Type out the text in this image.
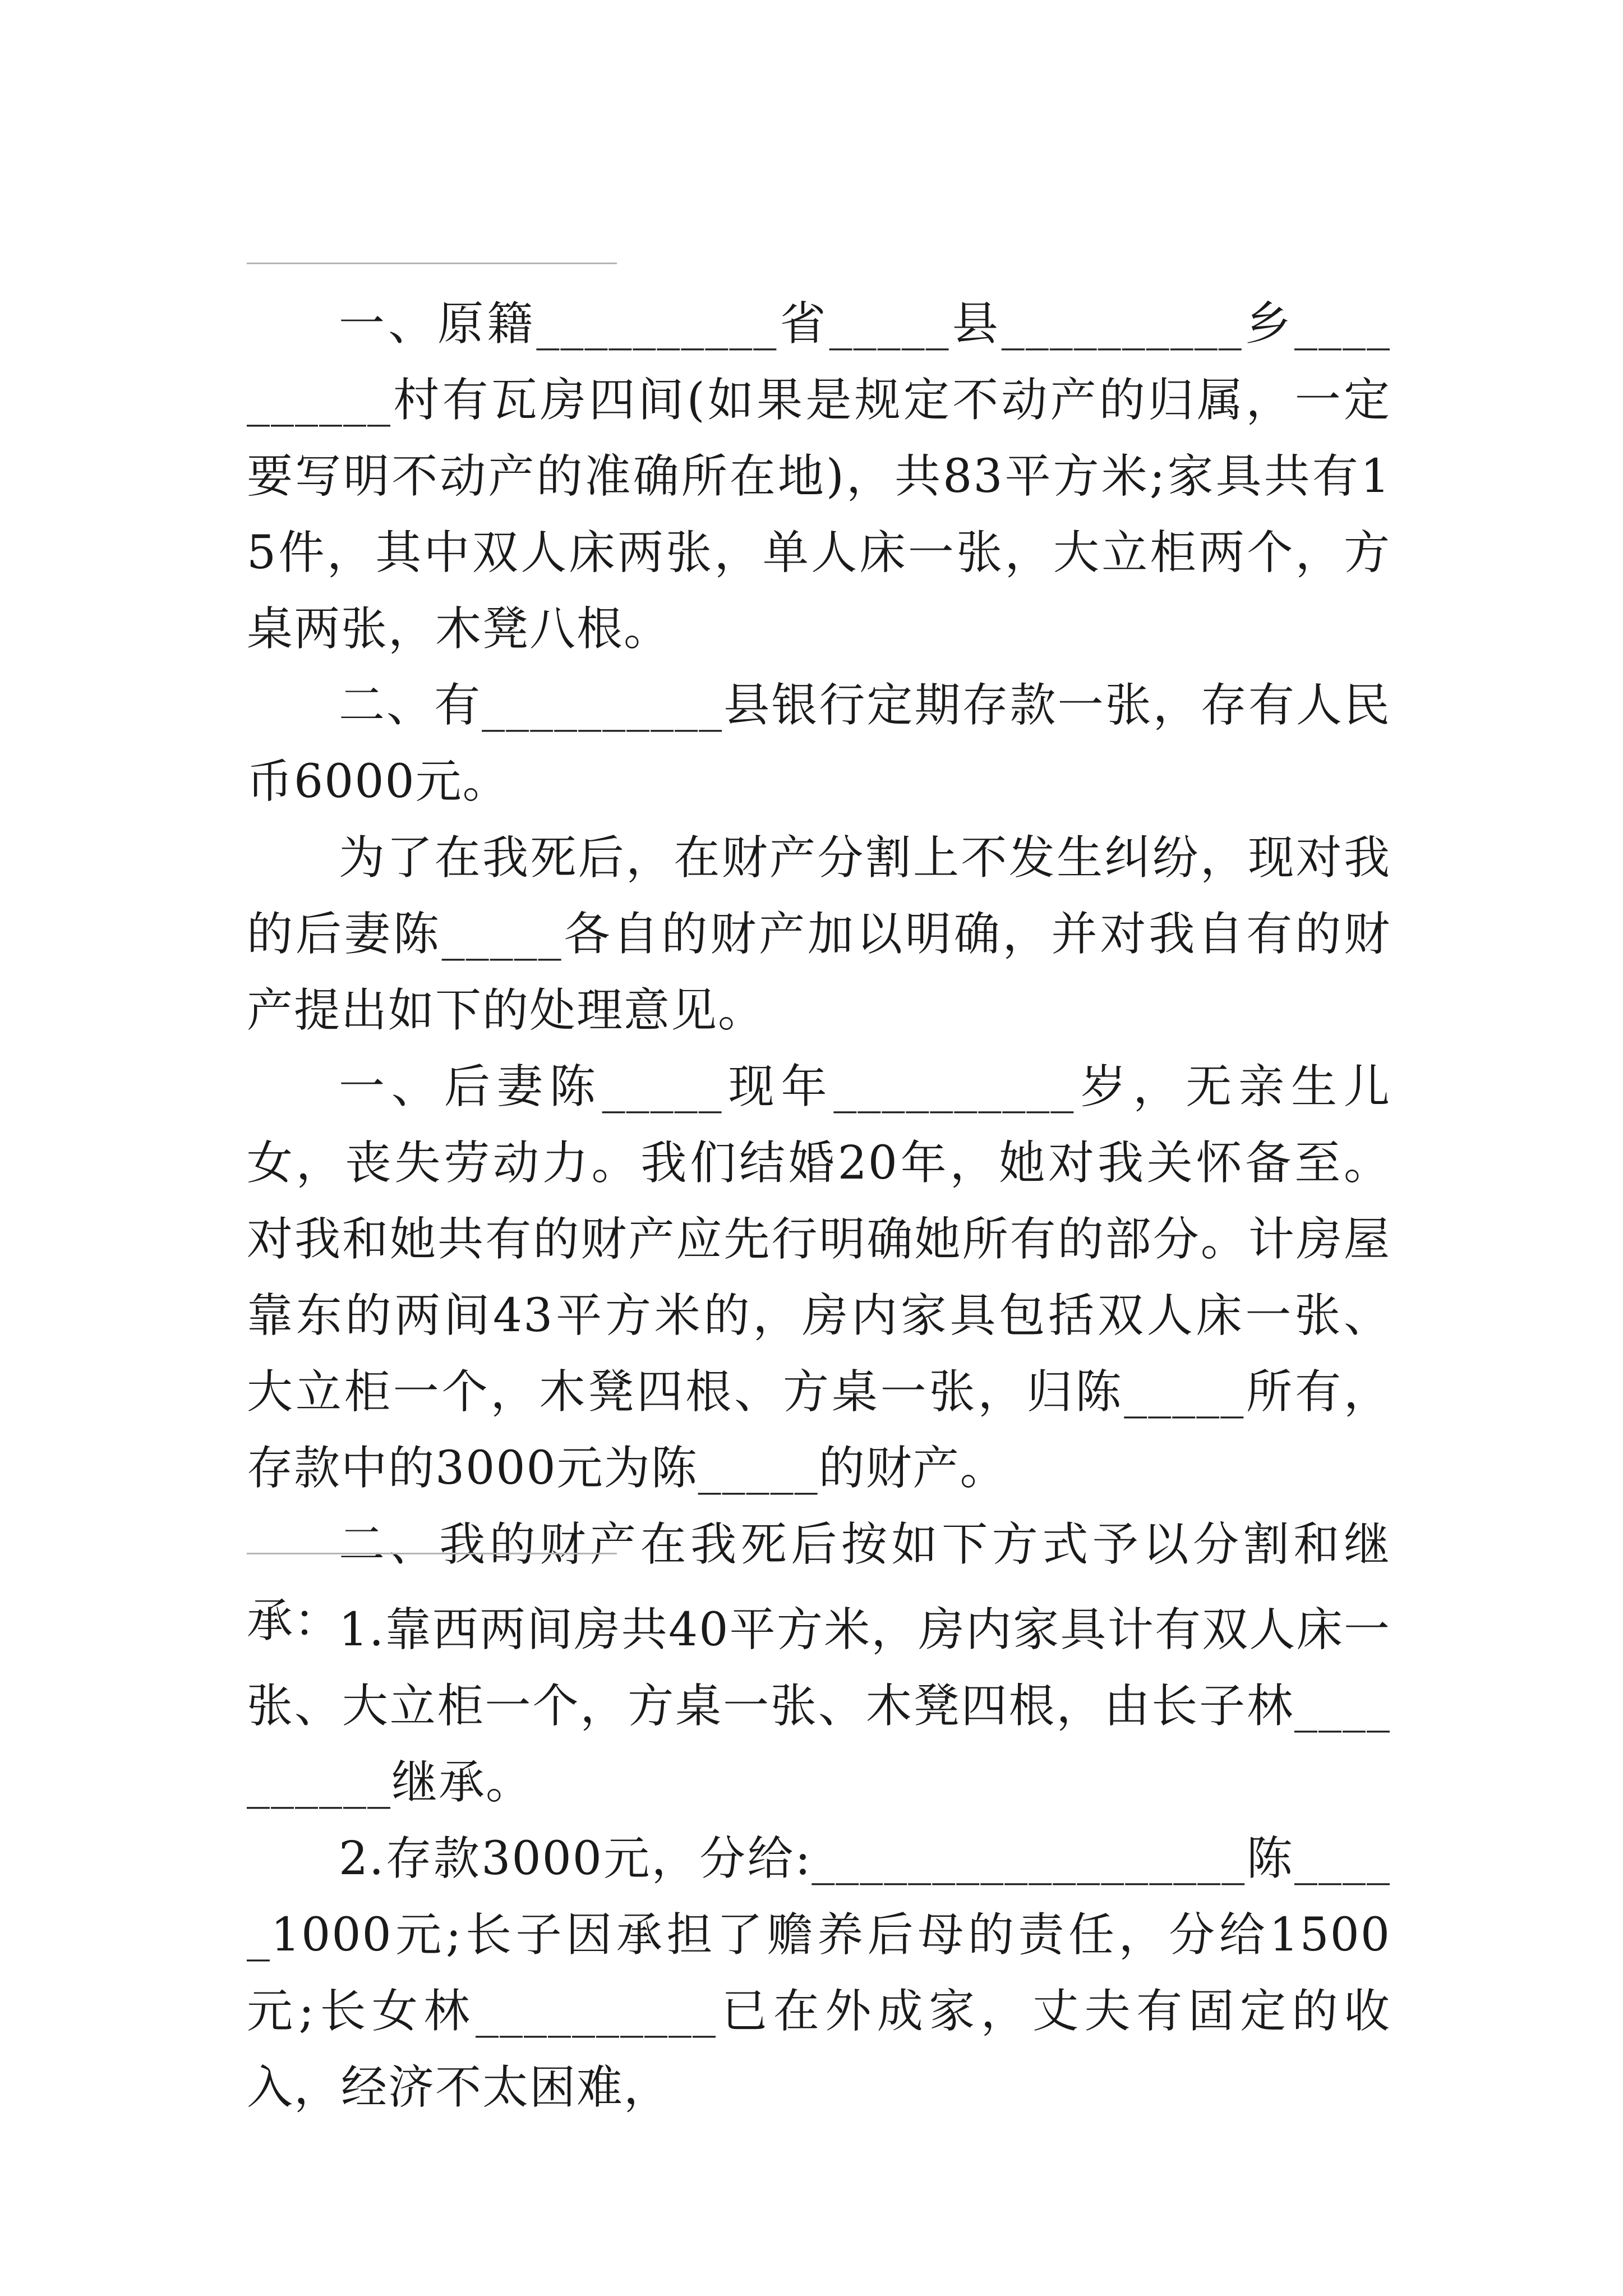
一、原籍__________省_____县__________乡__________村有瓦房四间(如果是规定不动产的归属，一定要写明不动产的准确所在地)，共83平方米;家具共有15件，其中双人床两张，单人床一张，大立柜两个，方桌两张，木凳八根。

二、有__________县银行定期存款一张，存有人民币6000元。

为了在我死后，在财产分割上不发生纠纷，现对我的后妻陈_____各自的财产加以明确，并对我自有的财产提出如下的处理意见。

一、后妻陈_____现年__________岁，无亲生儿女，丧失劳动力。我们结婚20年，她对我关怀备至。对我和她共有的财产应先行明确她所有的部分。计房屋靠东的两间43平方米的，房内家具包括双人床一张、大立柜一个，木凳四根、方桌一张，归陈_____所有，存款中的3000元为陈_____的财产。

二、我的财产在我死后按如下方式予以分割和继承：

1.靠西两间房共40平方米，房内家具计有双人床一张、大立柜一个，方桌一张、木凳四根，由长子林__________继承。

2.存款3000元，分给:__________________陈_____1000元;长子因承担了赡养后母的责任，分给1500元;长女林__________已在外成家，丈夫有固定的收入，经济不太困难，
